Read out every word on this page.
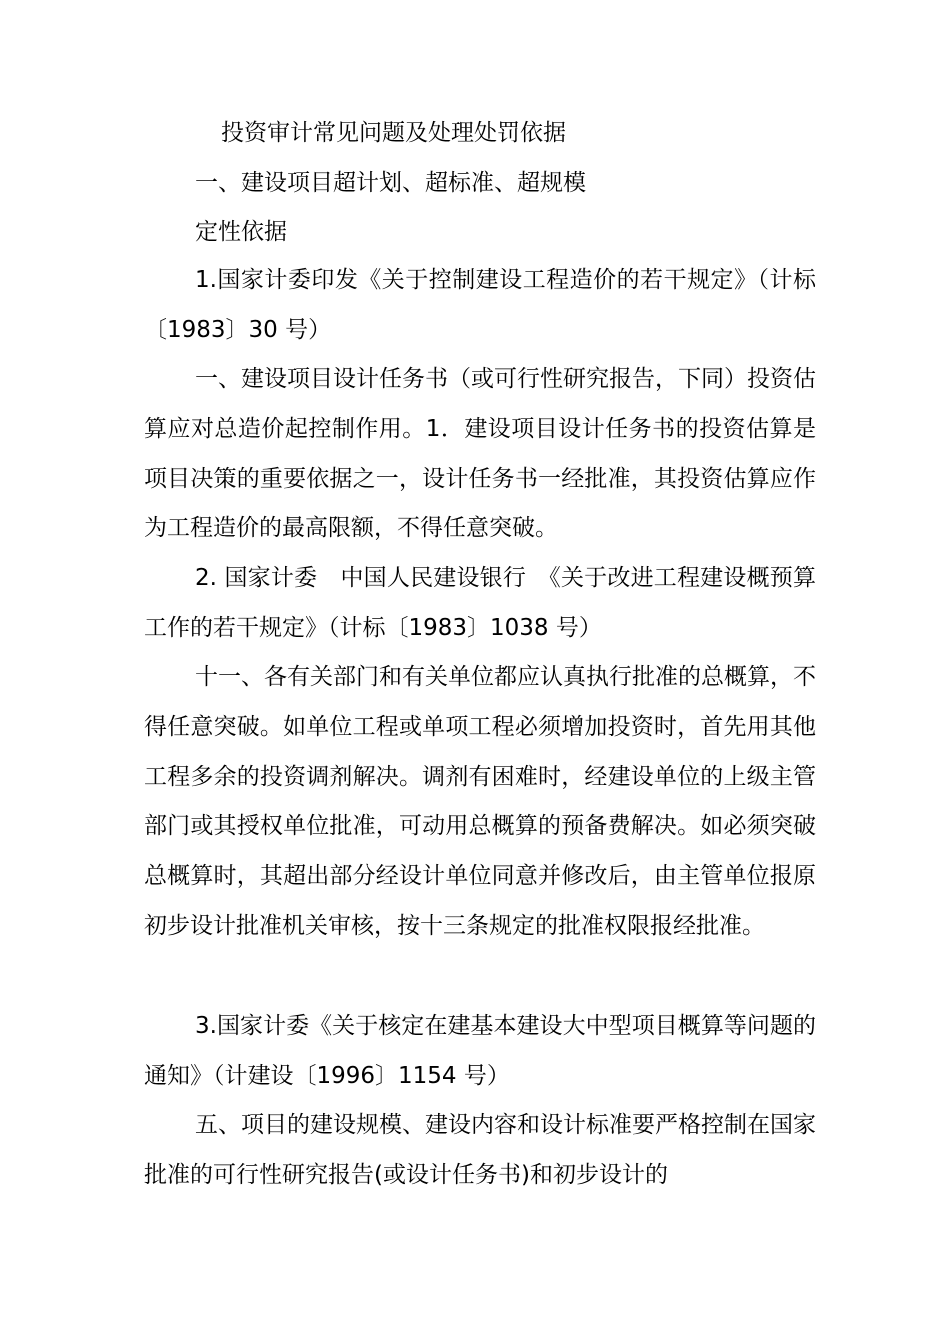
投资审计常见问题及处理处罚依据
一、建设项目超计划、超标准、超规模
定性依据

1.国家计委印发《关于控制建设工程造价的若干规定》（计标〔1983〕30 号）

一、建设项目设计任务书（或可行性研究报告，下同）投资估算应对总造价起控制作用。1．建设项目设计任务书的投资估算是项目决策的重要依据之一，设计任务书一经批准，其投资估算应作为工程造价的最高限额，不得任意突破。

2. 国家计委　中国人民建设银行　《关于改进工程建设概预算工作的若干规定》（计标〔1983〕1038 号）

十一、各有关部门和有关单位都应认真执行批准的总概算，不得任意突破。如单位工程或单项工程必须增加投资时，首先用其他工程多余的投资调剂解决。调剂有困难时，经建设单位的上级主管部门或其授权单位批准，可动用总概算的预备费解决。如必须突破总概算时，其超出部分经设计单位同意并修改后，由主管单位报原初步设计批准机关审核，按十三条规定的批准权限报经批准。

3.国家计委《关于核定在建基本建设大中型项目概算等问题的通知》（计建设〔1996〕1154 号）

五、项目的建设规模、建设内容和设计标准要严格控制在国家批准的可行性研究报告(或设计任务书)和初步设计的
